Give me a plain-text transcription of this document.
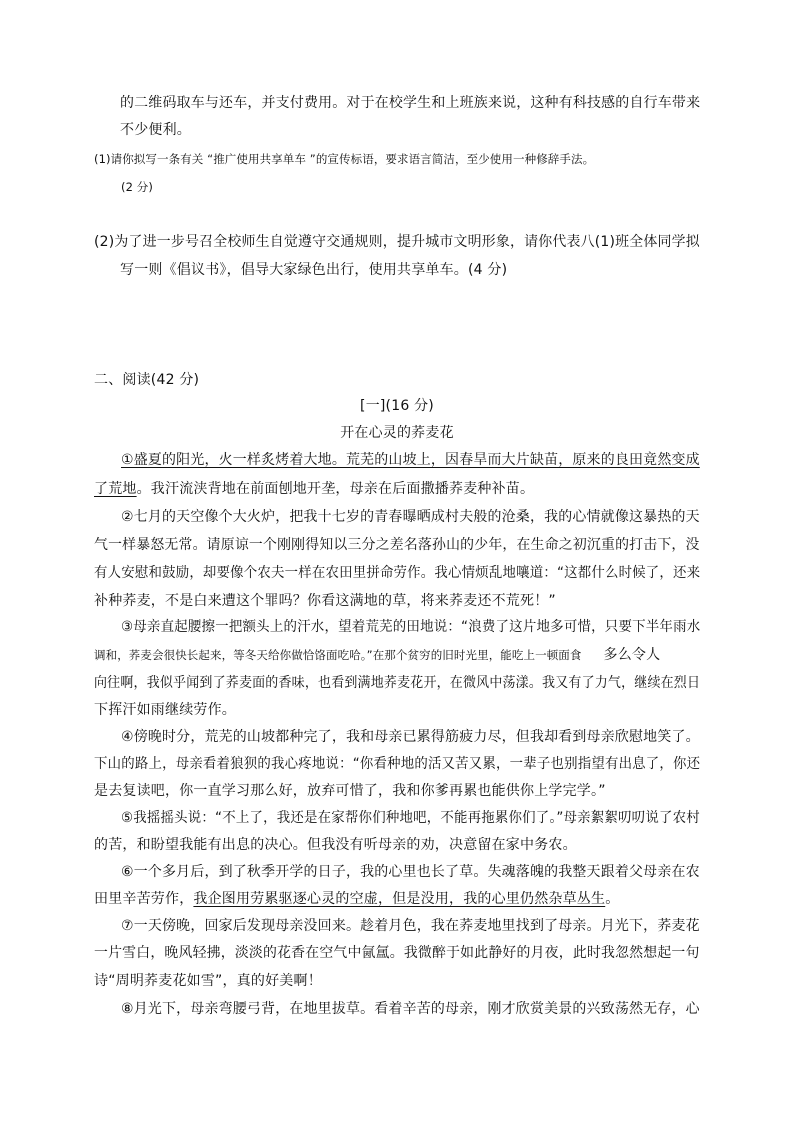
的二维码取车与还车，并支付费用。对于在校学生和上班族来说，这种有科技感的自行车带来
不少便利。
(1)请你拟写一条有关 “推广使用共享单车 ”的宣传标语，要求语言简洁，至少使用一种修辞手法。
(2 分)
(2)为了进一步号召全校师生自觉遵守交通规则，提升城市文明形象，请你代表八(1)班全体同学拟
写一则《倡议书》，倡导大家绿色出行，使用共享单车。(4 分)
二、阅读(42 分)
[一](16 分)
开在心灵的荞麦花
①盛夏的阳光，火一样炙烤着大地。荒芜的山坡上，因春旱而大片缺苗，原来的良田竟然变成
了荒地。我汗流浃背地在前面刨地开垄，母亲在后面撒播荞麦种补苗。
②七月的天空像个大火炉，把我十七岁的青春曝晒成村夫般的沧桑，我的心情就像这暴热的天
气一样暴怒无常。请原谅一个刚刚得知以三分之差名落孙山的少年，在生命之初沉重的打击下，没
有人安慰和鼓励，却要像个农夫一样在农田里拼命劳作。我心情烦乱地嚷道：“这都什么时候了，还来
补种荞麦，不是白来遭这个罪吗？你看这满地的草，将来荞麦还不荒死！”
③母亲直起腰擦一把额头上的汗水，望着荒芜的田地说：“浪费了这片地多可惜，只要下半年雨水
调和，荞麦会很快长起来，等冬天给你做恰饹面吃哈。”在那个贫穷的旧时光里，能吃上一顿面食 多么令人
向往啊，我似乎闻到了荞麦面的香味，也看到满地荞麦花开，在微风中荡漾。我又有了力气，继续在烈日
下挥汗如雨继续劳作。
④傍晚时分，荒芜的山坡都种完了，我和母亲已累得筋疲力尽，但我却看到母亲欣慰地笑了。
下山的路上，母亲看着狼狈的我心疼地说：“你看种地的活又苦又累，一辈子也别指望有出息了，你还
是去复读吧，你一直学习那么好，放弃可惜了，我和你爹再累也能供你上学完学。”
⑤我摇摇头说：“不上了，我还是在家帮你们种地吧，不能再拖累你们了。”母亲絮絮叨叨说了农村
的苦，和盼望我能有出息的决心。但我没有听母亲的劝，决意留在家中务农。
⑥一个多月后，到了秋季开学的日子，我的心里也长了草。失魂落魄的我整天跟着父母亲在农
田里辛苦劳作，我企图用劳累驱逐心灵的空虚，但是没用，我的心里仍然杂草丛生。
⑦一天傍晚，回家后发现母亲没回来。趁着月色，我在荞麦地里找到了母亲。月光下，荞麦花
一片雪白，晚风轻拂，淡淡的花香在空气中氤氲。我微醉于如此静好的月夜，此时我忽然想起一句
诗“周明荞麦花如雪”，真的好美啊！
⑧月光下，母亲弯腰弓背，在地里拔草。看着辛苦的母亲，刚才欣赏美景的兴致荡然无存，心
